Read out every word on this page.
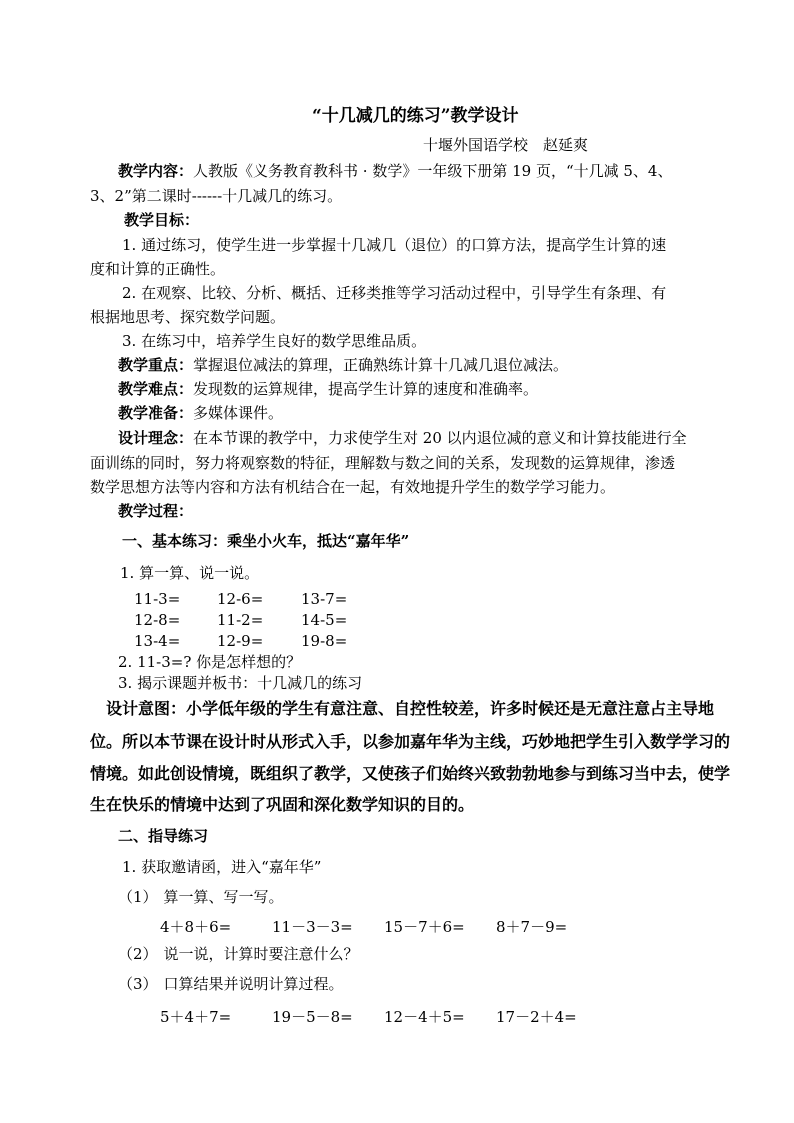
“十几减几的练习”教学设计
十堰外国语学校　赵延爽
教学内容：人教版《义务教育教科书 · 数学》一年级下册第 19 页，“十几减 5、4、
3、2”第二课时------十几减几的练习。
教学目标：
1. 通过练习，使学生进一步掌握十几减几（退位）的口算方法，提高学生计算的速
度和计算的正确性。
2. 在观察、比较、分析、概括、迁移类推等学习活动过程中，引导学生有条理、有
根据地思考、探究数学问题。
3. 在练习中，培养学生良好的数学思维品质。
教学重点：掌握退位减法的算理，正确熟练计算十几减几退位减法。
教学难点：发现数的运算规律，提高学生计算的速度和准确率。
教学准备：多媒体课件。
设计理念：在本节课的教学中，力求使学生对 20 以内退位减的意义和计算技能进行全
面训练的同时，努力将观察数的特征，理解数与数之间的关系，发现数的运算规律，渗透
数学思想方法等内容和方法有机结合在一起，有效地提升学生的数学学习能力。
教学过程：
一、基本练习：乘坐小火车，抵达“嘉年华”
1. 算一算、说一说。
11-3= 12-6=	13-7=
12-8= 11-2=	14-5=
13-4= 12-9=	19-8=
2. 11-3=? 你是怎样想的？
3. 揭示课题并板书：十几减几的练习
设计意图：小学低年级的学生有意注意、自控性较差，许多时候还是无意注意占主导地
位。所以本节课在设计时从形式入手，以参加嘉年华为主线，巧妙地把学生引入数学学习的
情境。如此创设情境，既组织了教学，又使孩子们始终兴致勃勃地参与到练习当中去，使学
生在快乐的情境中达到了巩固和深化数学知识的目的。
二、指导练习
1. 获取邀请函，进入“嘉年华”
（1） 算一算、写一写。
4＋8＋6=	11－3－3= 15－7＋6= 8＋7－9=
（2） 说一说，计算时要注意什么？
（3） 口算结果并说明计算过程。
5＋4＋7=	19－5－8= 12－4＋5= 17－2＋4=
